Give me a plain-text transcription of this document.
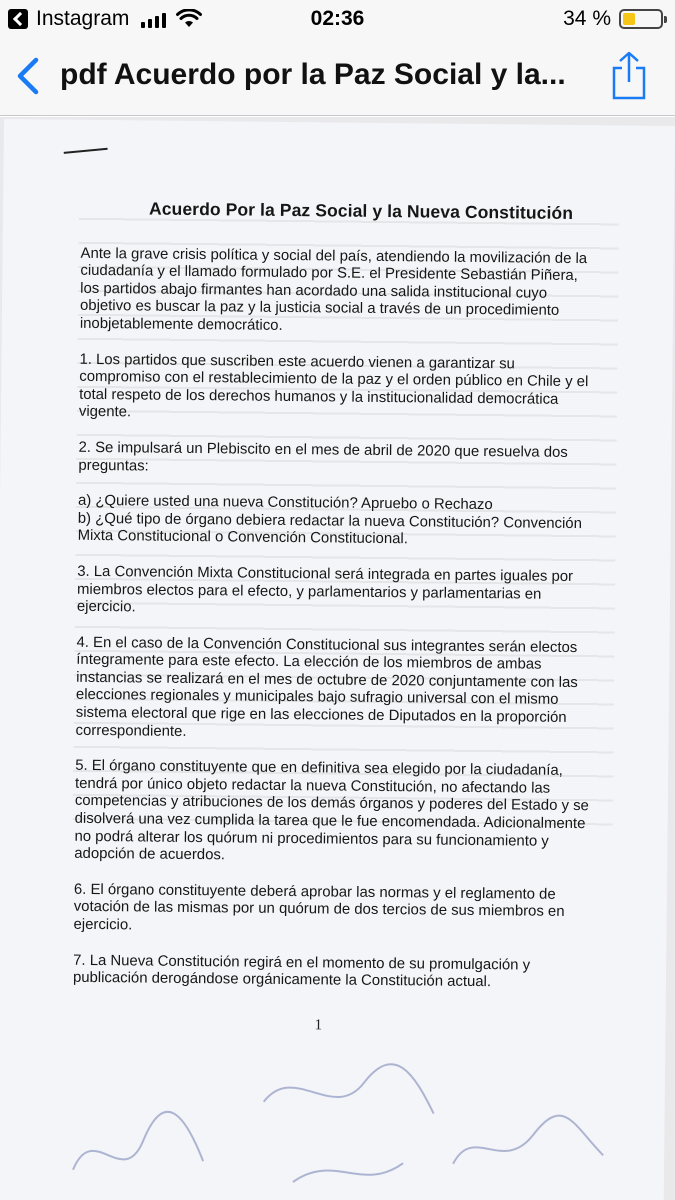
Instagram	02:36	34 %
pdf Acuerdo por la Paz Social y la...
Acuerdo Por la Paz Social y la Nueva Constitución
Ante la grave crisis política y social del país, atendiendo la movilización de la
ciudadanía y el llamado formulado por S.E. el Presidente Sebastián Piñera,
los partidos abajo firmantes han acordado una salida institucional cuyo
objetivo es buscar la paz y la justicia social a través de un procedimiento
inobjetablemente democrático.
1. Los partidos que suscriben este acuerdo vienen a garantizar su
compromiso con el restablecimiento de la paz y el orden público en Chile y el
total respeto de los derechos humanos y la institucionalidad democrática
vigente.
2. Se impulsará un Plebiscito en el mes de abril de 2020 que resuelva dos
preguntas:
a) ¿Quiere usted una nueva Constitución? Apruebo o Rechazo
b) ¿Qué tipo de órgano debiera redactar la nueva Constitución? Convención
Mixta Constitucional o Convención Constitucional.
3. La Convención Mixta Constitucional será integrada en partes iguales por
miembros electos para el efecto, y parlamentarios y parlamentarias en
ejercicio.
4. En el caso de la Convención Constitucional sus integrantes serán electos
íntegramente para este efecto. La elección de los miembros de ambas
instancias se realizará en el mes de octubre de 2020 conjuntamente con las
elecciones regionales y municipales bajo sufragio universal con el mismo
sistema electoral que rige en las elecciones de Diputados en la proporción
correspondiente.
5. El órgano constituyente que en definitiva sea elegido por la ciudadanía,
tendrá por único objeto redactar la nueva Constitución, no afectando las
competencias y atribuciones de los demás órganos y poderes del Estado y se
disolverá una vez cumplida la tarea que le fue encomendada. Adicionalmente
no podrá alterar los quórum ni procedimientos para su funcionamiento y
adopción de acuerdos.
6. El órgano constituyente deberá aprobar las normas y el reglamento de
votación de las mismas por un quórum de dos tercios de sus miembros en
ejercicio.
7. La Nueva Constitución regirá en el momento de su promulgación y
publicación derogándose orgánicamente la Constitución actual.
1
